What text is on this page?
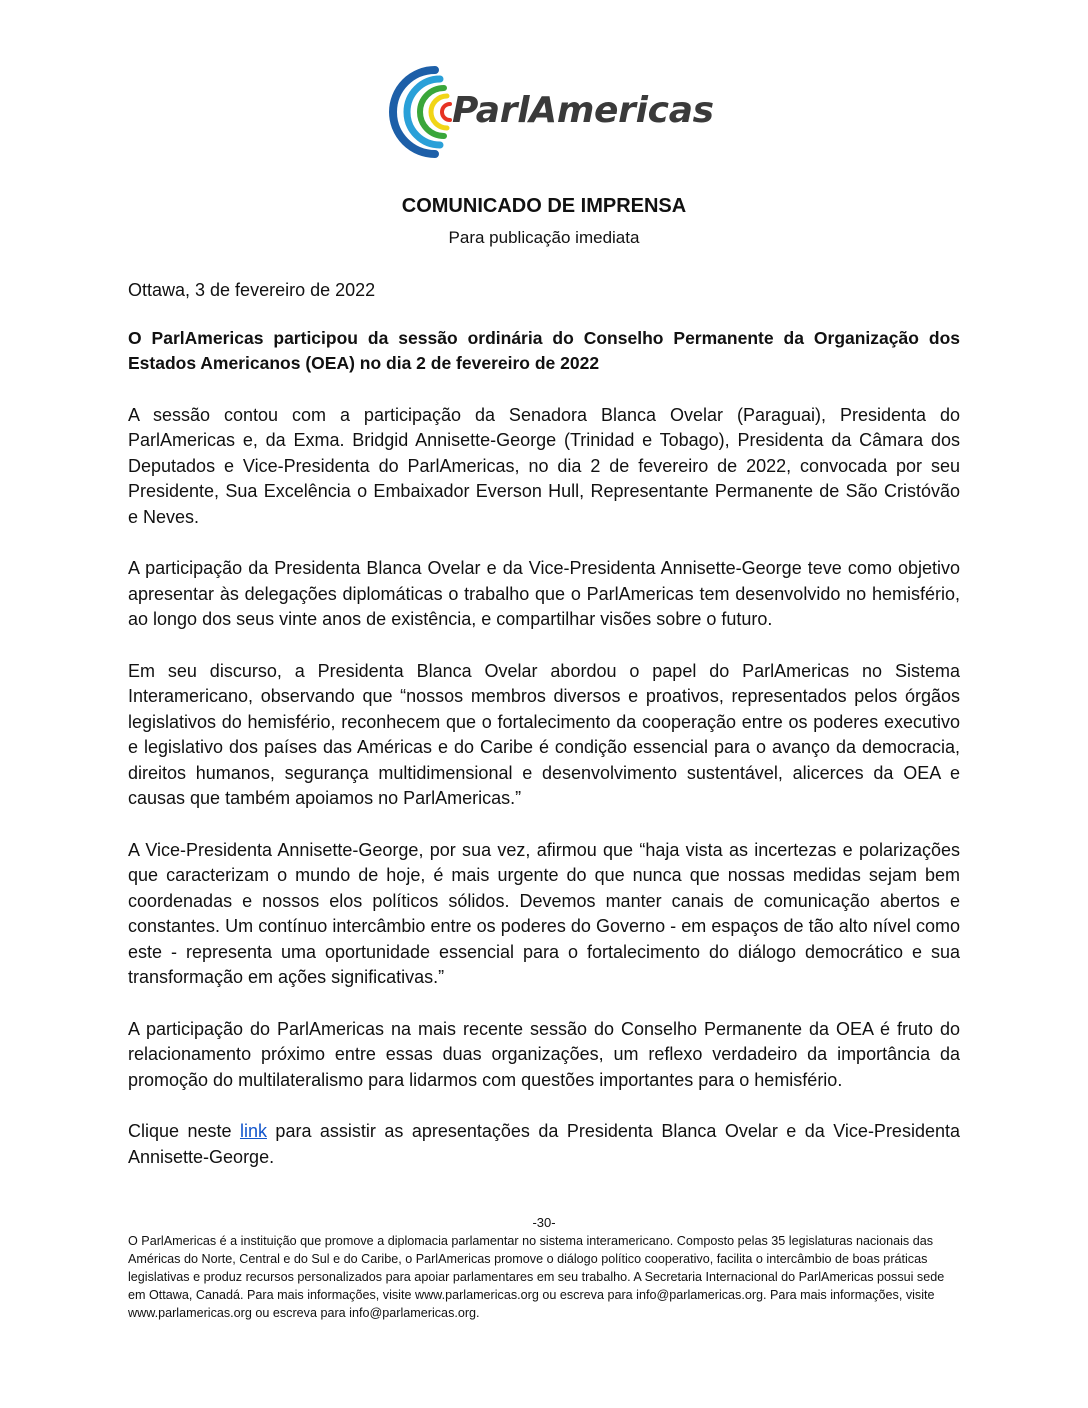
ParlAmericas
COMUNICADO DE IMPRENSA

Para publicação imediata

Ottawa, 3 de fevereiro de 2022

O ParlAmericas participou da sessão ordinária do Conselho Permanente da Organização dos Estados Americanos (OEA) no dia 2 de fevereiro de 2022

A sessão contou com a participação da Senadora Blanca Ovelar (Paraguai), Presidenta do ParlAmericas e, da Exma. Bridgid Annisette-George (Trinidad e Tobago), Presidenta da Câmara dos Deputados e Vice-Presidenta do ParlAmericas, no dia 2 de fevereiro de 2022, convocada por seu Presidente, Sua Excelência o Embaixador Everson Hull, Representante Permanente de São Cristóvão e Neves.

A participação da Presidenta Blanca Ovelar e da Vice-Presidenta Annisette-George teve como objetivo apresentar às delegações diplomáticas o trabalho que o ParlAmericas tem desenvolvido no hemisfério, ao longo dos seus vinte anos de existência, e compartilhar visões sobre o futuro.

Em seu discurso, a Presidenta Blanca Ovelar abordou o papel do ParlAmericas no Sistema Interamericano, observando que “nossos membros diversos e proativos, representados pelos órgãos legislativos do hemisfério, reconhecem que o fortalecimento da cooperação entre os poderes executivo e legislativo dos países das Américas e do Caribe é condição essencial para o avanço da democracia, direitos humanos, segurança multidimensional e desenvolvimento sustentável, alicerces da OEA e causas que também apoiamos no ParlAmericas.”

A Vice-Presidenta Annisette-George, por sua vez, afirmou que “haja vista as incertezas e polarizações que caracterizam o mundo de hoje, é mais urgente do que nunca que nossas medidas sejam bem coordenadas e nossos elos políticos sólidos. Devemos manter canais de comunicação abertos e constantes. Um contínuo intercâmbio entre os poderes do Governo - em espaços de tão alto nível como este - representa uma oportunidade essencial para o fortalecimento do diálogo democrático e sua transformação em ações significativas.”

A participação do ParlAmericas na mais recente sessão do Conselho Permanente da OEA é fruto do relacionamento próximo entre essas duas organizações, um reflexo verdadeiro da importância da promoção do multilateralismo para lidarmos com questões importantes para o hemisfério.

Clique neste link para assistir as apresentações da Presidenta Blanca Ovelar e da Vice-Presidenta Annisette-George.

-30-
O ParlAmericas é a instituição que promove a diplomacia parlamentar no sistema interamericano. Composto pelas 35 legislaturas nacionais das Américas do Norte, Central e do Sul e do Caribe, o ParlAmericas promove o diálogo político cooperativo, facilita o intercâmbio de boas práticas legislativas e produz recursos personalizados para apoiar parlamentares em seu trabalho. A Secretaria Internacional do ParlAmericas possui sede em Ottawa, Canadá. Para mais informações, visite www.parlamericas.org ou escreva para info@parlamericas.org. Para mais informações, visite www.parlamericas.org ou escreva para info@parlamericas.org.
